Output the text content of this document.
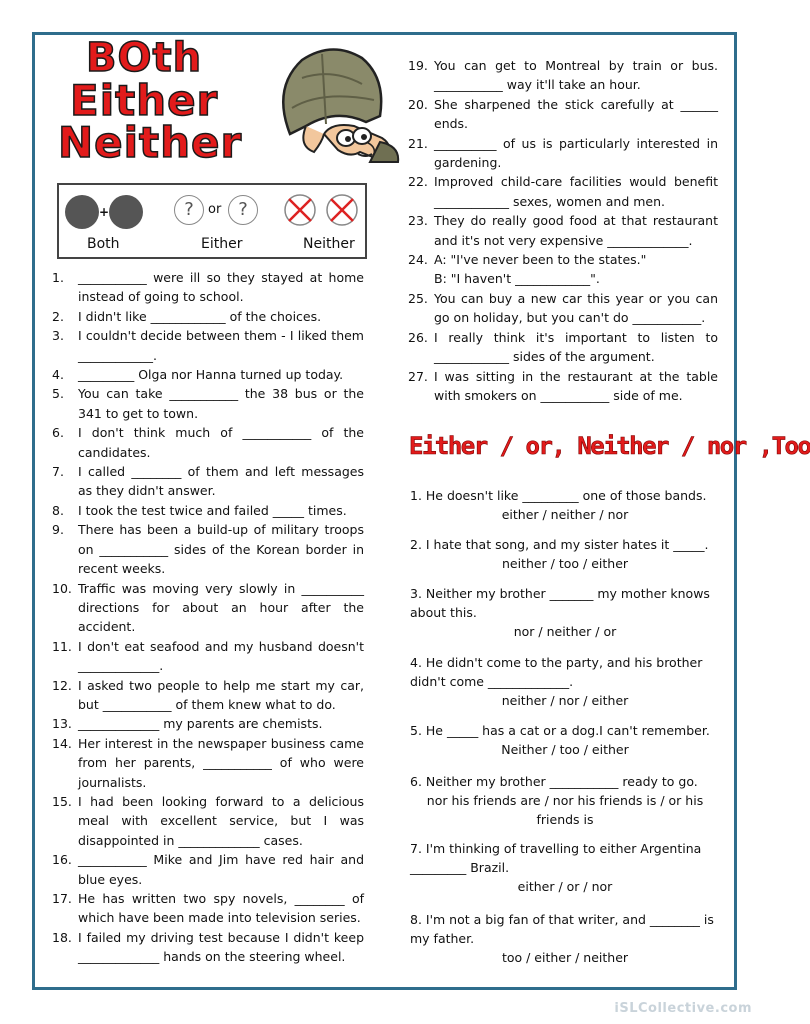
BOth
Either
Neither
+	?	or ?
Both	Either	Neither
1. ___________ were ill so they stayed at home instead of going to school.
2. I didn't like ____________ of the choices.
3. I couldn't decide between them - I liked them ____________.
4. _________ Olga nor Hanna turned up today.
5. You can take ___________ the 38 bus or the 341 to get to town.
6. I don't think much of ___________ of the candidates.
7. I called ________ of them and left messages as they didn't answer.
8. I took the test twice and failed _____ times.
9. There has been a build-up of military troops on ___________ sides of the Korean border in recent weeks.
10. Traffic was moving very slowly in __________ directions for about an hour after the accident.
11. I don't eat seafood and my husband doesn't _____________.
12. I asked two people to help me start my car, but ___________ of them knew what to do.
13. _____________ my parents are chemists.
14. Her interest in the newspaper business came from her parents, ___________ of who were journalists.
15. I had been looking forward to a delicious meal with excellent service, but I was disappointed in _____________ cases.
16. ___________ Mike and Jim have red hair and blue eyes.
17. He has written two spy novels, ________ of which have been made into television series.
18. I failed my driving test because I didn't keep _____________ hands on the steering wheel.
19. You can get to Montreal by train or bus. ___________ way it'll take an hour.
20. She sharpened the stick carefully at ______ ends.
21. __________ of us is particularly interested in gardening.
22. Improved child-care facilities would benefit ____________ sexes, women and men.
23. They do really good food at that restaurant and it's not very expensive _____________.
24. A: "I've never been to the states."
B: "I haven't ____________".
25. You can buy a new car this year or you can go on holiday, but you can't do ___________.
26. I really think it's important to listen to ____________ sides of the argument.
27. I was sitting in the restaurant at the table with smokers on ___________ side of me.
Either / or, Neither / nor ,Too
1. He doesn't like _________ one of those bands.
either / neither / nor
2. I hate that song, and my sister hates it _____.
neither / too / either
3. Neither my brother _______ my mother knows about this.
nor / neither / or
4. He didn't come to the party, and his brother didn't come _____________.
neither / nor / either
5. He _____ has a cat or a dog.I can't remember.
Neither / too / either
6. Neither my brother ___________ ready to go.
nor his friends are / nor his friends is / or his friends is
7. I'm thinking of travelling to either Argentina _________ Brazil.
either / or / nor
8. I'm not a big fan of that writer, and ________ is my father.
too / either / neither
iSLCollective.com
